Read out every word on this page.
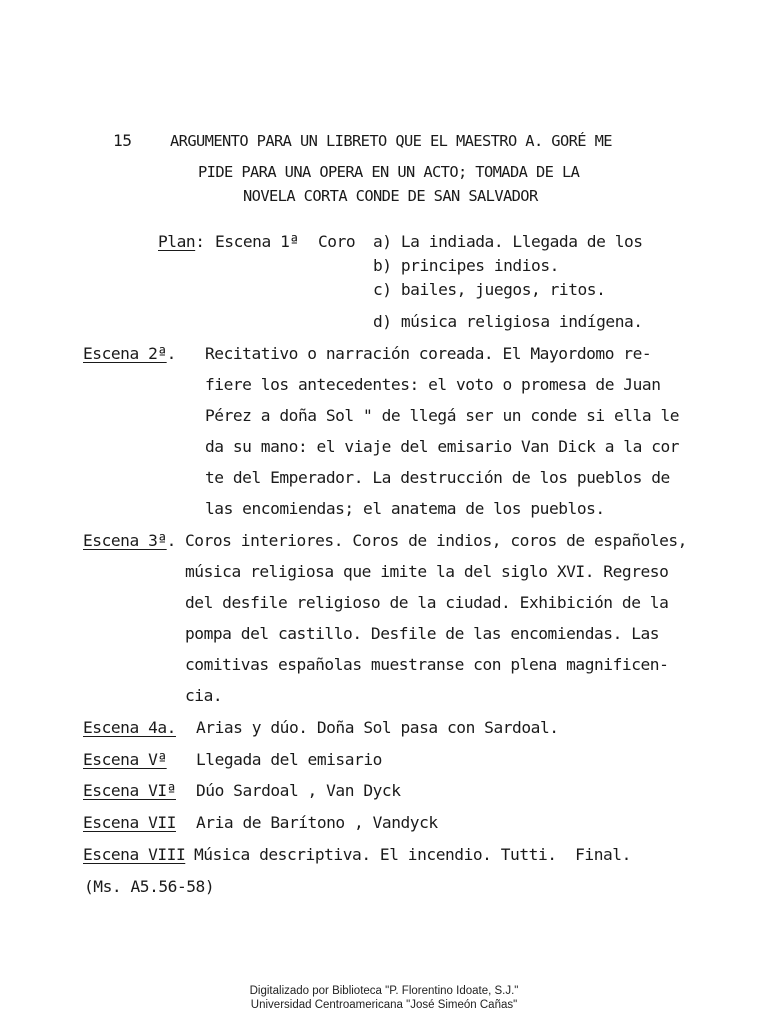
15 ARGUMENTO PARA UN LIBRETO QUE EL MAESTRO A. GORÉ ME
PIDE PARA UNA OPERA EN UN ACTO; TOMADA DE LA
NOVELA CORTA CONDE DE SAN SALVADOR
Plan: Escena 1ª Coro a) La indiada. Llegada de los
b) principes indios.
c) bailes, juegos, ritos.
d) música religiosa indígena.
Escena 2ª. Recitativo o narración coreada. El Mayordomo re-
fiere los antecedentes: el voto o promesa de Juan
Pérez a doña Sol " de llegá ser un conde si ella le
da su mano: el viaje del emisario Van Dick a la cor
te del Emperador. La destrucción de los pueblos de
las encomiendas; el anatema de los pueblos.
Escena 3ª. Coros interiores. Coros de indios, coros de españoles,
música religiosa que imite la del siglo XVI. Regreso
del desfile religioso de la ciudad. Exhibición de la
pompa del castillo. Desfile de las encomiendas. Las
comitivas españolas muestranse con plena magnificen-
cia.
Escena 4a. Arias y dúo. Doña Sol pasa con Sardoal.
Escena Vª Llegada del emisario
Escena VIª Dúo Sardoal , Van Dyck
Escena VII Aria de Barítono , Vandyck
Escena VIII Música descriptiva. El incendio. Tutti.  Final.
(Ms. A5.56-58)
Digitalizado por Biblioteca "P. Florentino Idoate, S.J."
Universidad Centroamericana "José Simeón Cañas"
